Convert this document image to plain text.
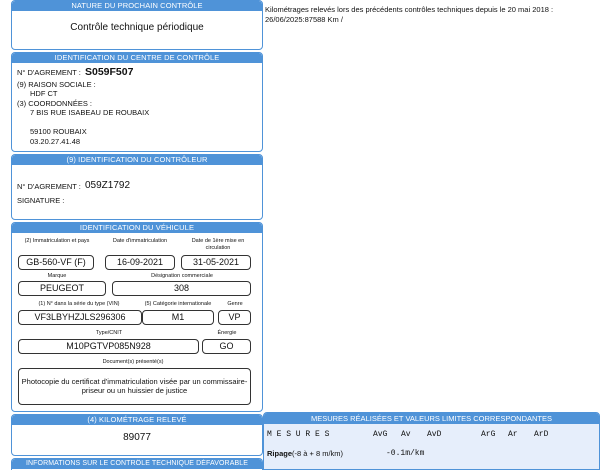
NATURE DU PROCHAIN CONTRÔLE
Contrôle technique périodique
Kilométrages relevés lors des précédents contrôles techniques depuis le 20 mai 2018 : 26/06/2025:87588 Km /
IDENTIFICATION DU CENTRE DE CONTRÔLE
N° D'AGREMENT : S059F507
(9) RAISON SOCIALE :
HDF CT
(3) COORDONNÉES :
7 BIS RUE ISABEAU DE ROUBAIX
59100 ROUBAIX
03.20.27.41.48
(9) IDENTIFICATION DU CONTRÔLEUR
N° D'AGREMENT : 059Z1792
SIGNATURE :
IDENTIFICATION DU VÉHICULE
(2) Immatriculation et pays	Date d'immatriculation	Date de 1ère mise en circulation
GB-560-VF (F)	16-09-2021	31-05-2021
Marque	Désignation commerciale
PEUGEOT	308
(1) N° dans la série du type (VIN)	(5) Catégorie internationale	Genre
VF3LBYHZJLS296306	M1	VP
Type/CNIT	Énergie
M10PGTVP085N928	GO
Document(s) présenté(s)
Photocopie du certificat d'immatriculation visée par un commissaire-priseur ou un huissier de justice
(4) KILOMÉTRAGE RELEVÉ
89077
INFORMATIONS SUR LE CONTRÔLE TECHNIQUE DÉFAVORABLE
MESURES RÉALISÉES ET VALEURS LIMITES CORRESPONDANTES
M E S U R E S	AvG Av AvD	ArG Ar ArD
Ripage (-8 à + 8 m/km)	-0.1m/km
